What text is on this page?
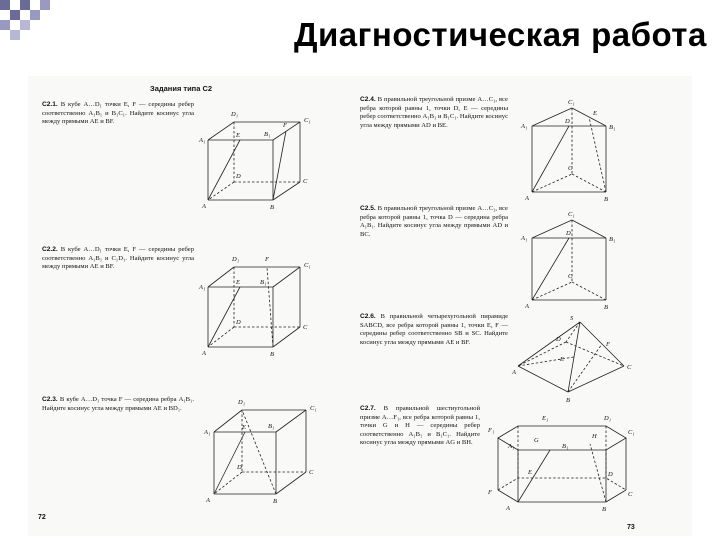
Диагностическая работа
Задания типа C2
C2.1. В кубе A…D₁ точки E, F — середины ребер соответственно A₁B₁ и B₁C₁. Найдите косинус угла между прямыми AE и BF.
D₁
C₁
A₁
E	B₁
F
D
C
A	B
C2.2. В кубе A…D₁ точки E, F — середины ребер соответственно A₁B₁ и C₁D₁. Найдите косинус угла между прямыми AE и BF.
D₁	F
C₁
A₁
E	B₁
D
C
A	B
C2.3. В кубе A…D₁ точка F — середина ребра A₁B₁. Найдите косинус угла между прямыми AE и BD₁.
D₁
C₁
A₁
E	B₁
D
C
A	B
C2.4. В правильной треугольной призме A…C₁, все ребра которой равны 1, точки D, E — середины ребер соответственно A₁B₁ и B₁C₁. Найдите косинус угла между прямыми AD и BE.
C₁
E
A₁
D
B₁
C
A	B
C2.5. В правильной треугольной призме A…C₁, все ребра которой равны 1, точка D — середина ребра A₁B₁. Найдите косинус угла между прямыми AD и BC.
C₁
D
A₁	B₁
C
A	B
C2.6. В правильной четырехугольной пирамиде SABCD, все ребра которой равны 1, точки E, F — середины ребер соответственно SB и SC. Найдите косинус угла между прямыми AE и BF.
S
E
F
D
C
A
B
C2.7. В правильной шестиугольной призме A…F₁, все ребра которой равны 1, точки G и H — середины ребер соответственно A₁B₁ и B₁C₁. Найдите косинус угла между прямыми AG и BH.
E₁	D₁
F₁
G
H
C₁
A₁	B₁
E	D
F	C
A	B
72
73
